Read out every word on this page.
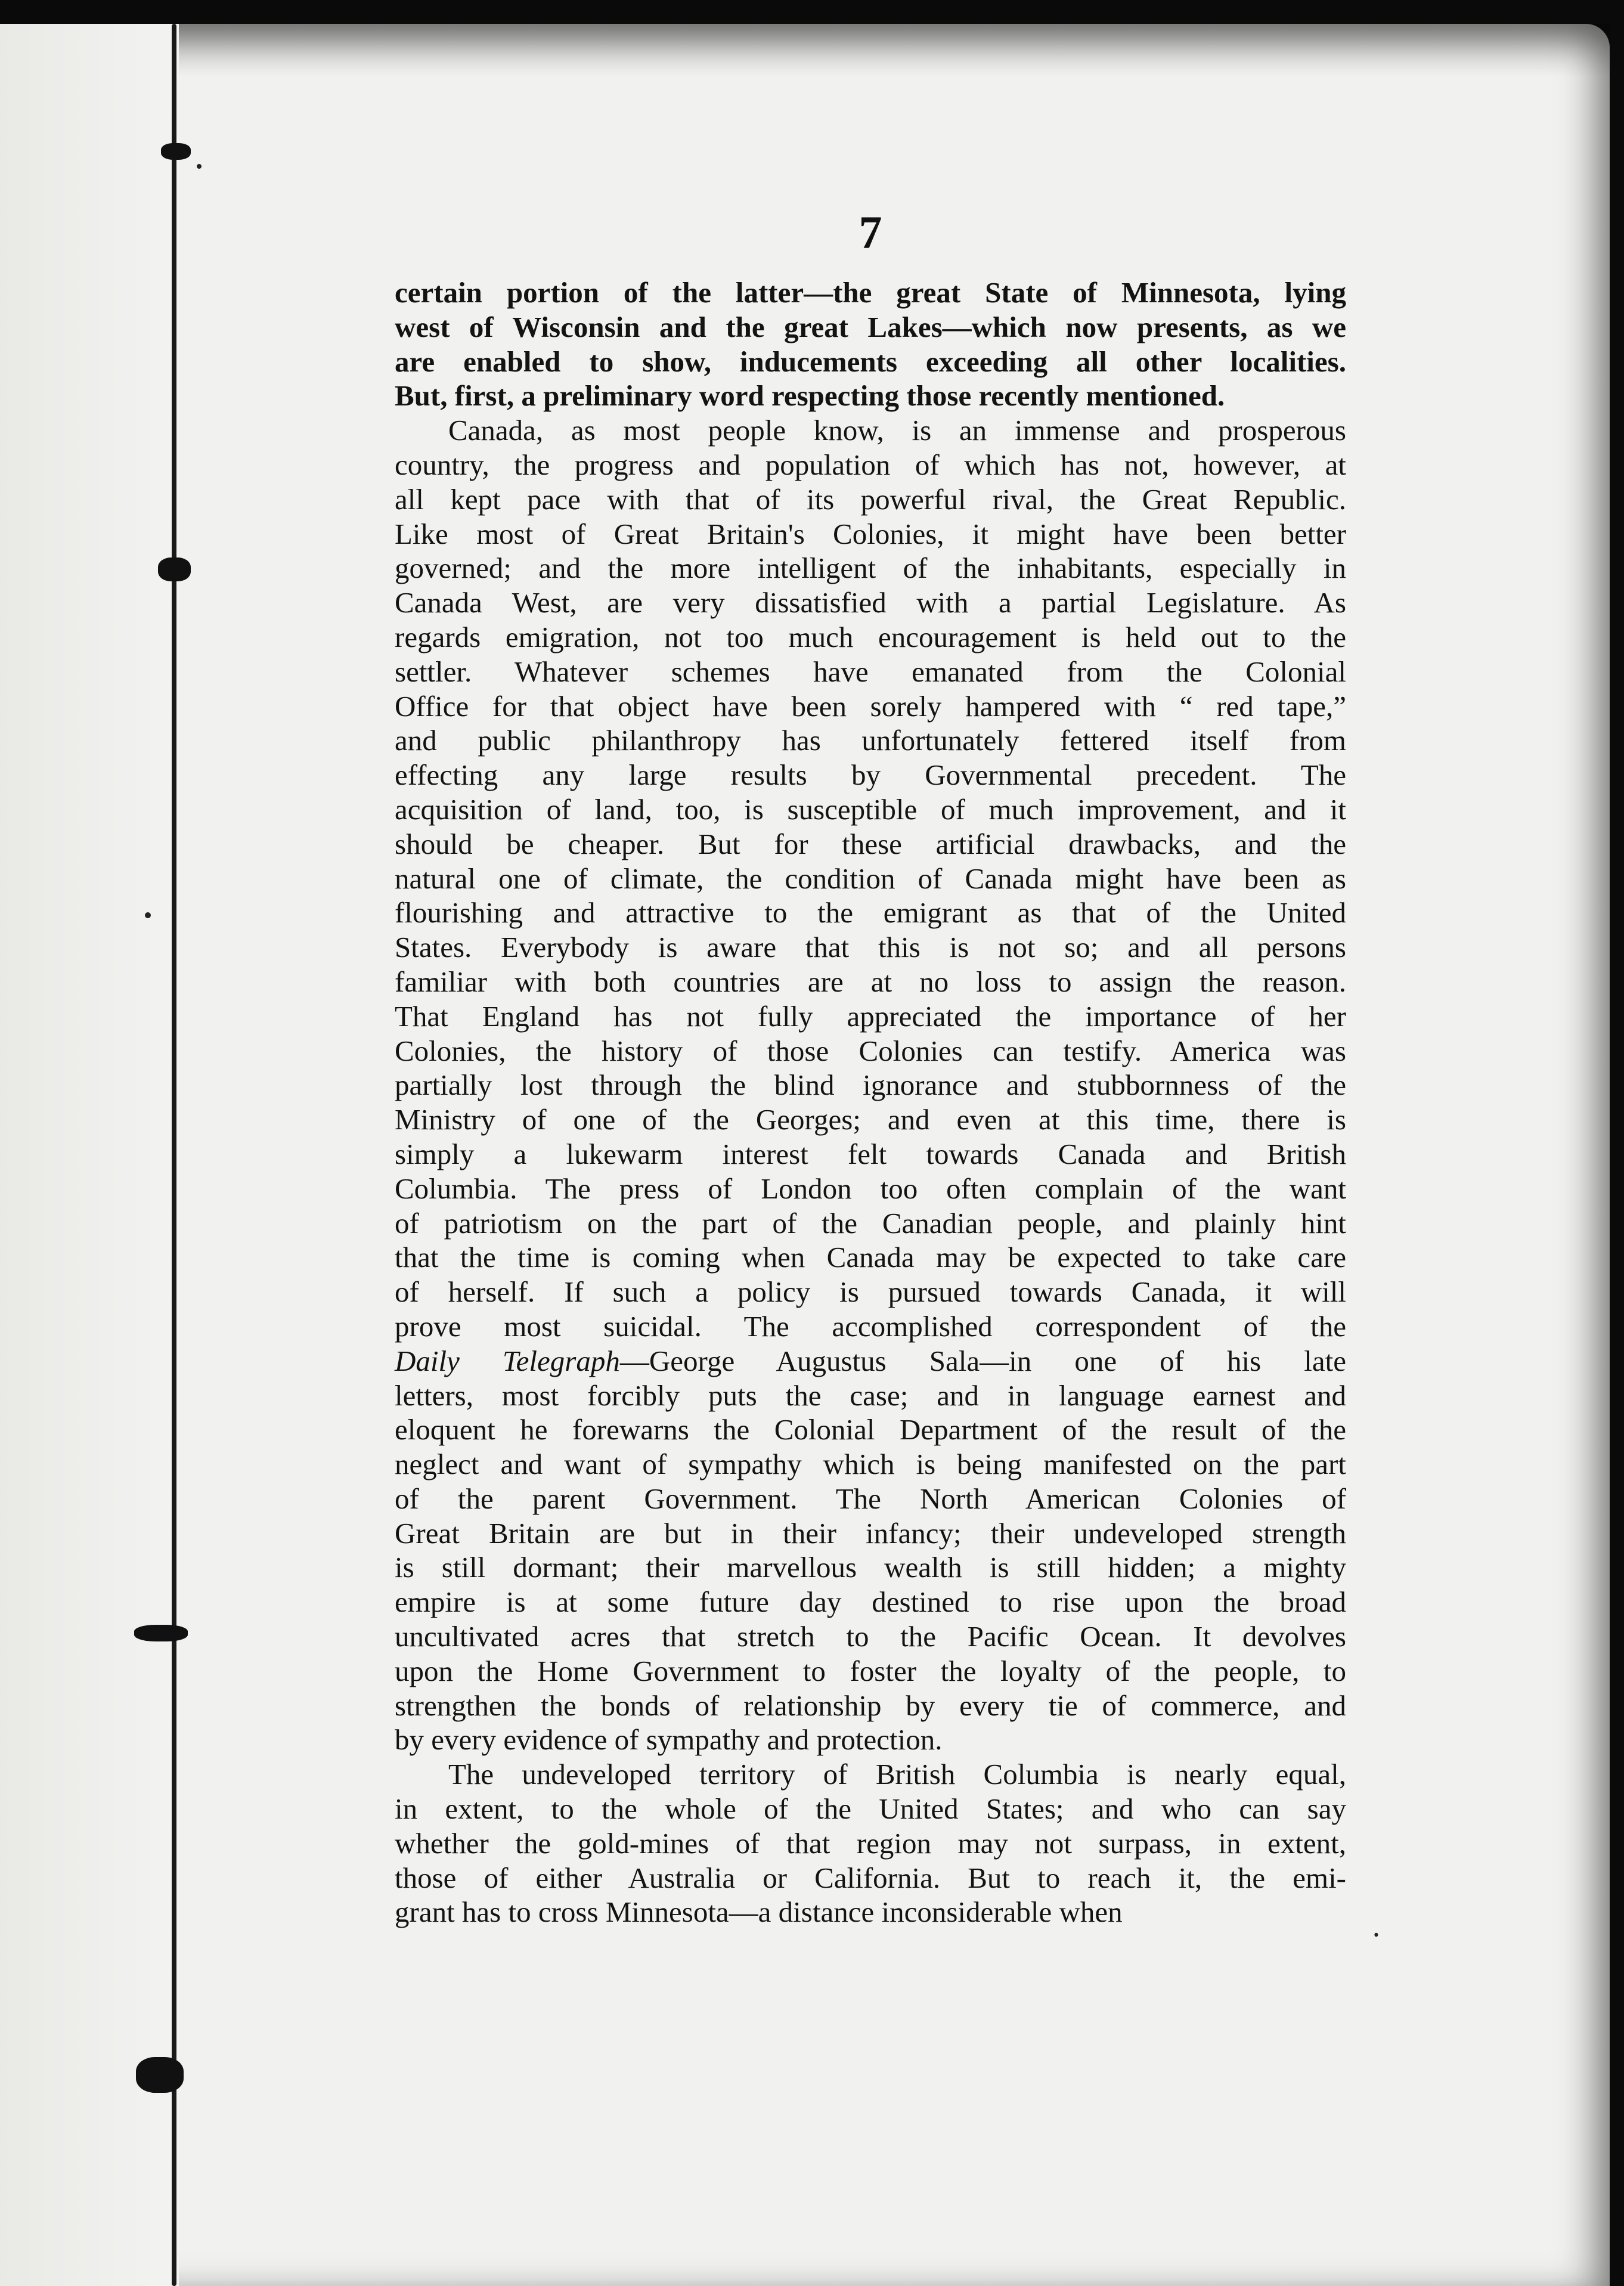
7
certain portion of the latter—the great State of Minnesota, lying
west of Wisconsin and the great Lakes—which now presents, as we
are enabled to show, inducements exceeding all other localities.
But, first, a preliminary word respecting those recently mentioned.
Canada, as most people know, is an immense and prosperous
country, the progress and population of which has not, however, at
all kept pace with that of its powerful rival, the Great Republic.
Like most of Great Britain's Colonies, it might have been better
governed; and the more intelligent of the inhabitants, especially in
Canada West, are very dissatisfied with a partial Legislature. As
regards emigration, not too much encouragement is held out to the
settler. Whatever schemes have emanated from the Colonial
Office for that object have been sorely hampered with “ red tape,”
and public philanthropy has unfortunately fettered itself from
effecting any large results by Governmental precedent. The
acquisition of land, too, is susceptible of much improvement, and it
should be cheaper. But for these artificial drawbacks, and the
natural one of climate, the condition of Canada might have been as
flourishing and attractive to the emigrant as that of the United
States. Everybody is aware that this is not so; and all persons
familiar with both countries are at no loss to assign the reason.
That England has not fully appreciated the importance of her
Colonies, the history of those Colonies can testify. America was
partially lost through the blind ignorance and stubbornness of the
Ministry of one of the Georges; and even at this time, there is
simply a lukewarm interest felt towards Canada and British
Columbia. The press of London too often complain of the want
of patriotism on the part of the Canadian people, and plainly hint
that the time is coming when Canada may be expected to take care
of herself. If such a policy is pursued towards Canada, it will
prove most suicidal. The accomplished correspondent of the
Daily Telegraph—George Augustus Sala—in one of his late
letters, most forcibly puts the case; and in language earnest and
eloquent he forewarns the Colonial Department of the result of the
neglect and want of sympathy which is being manifested on the part
of the parent Government. The North American Colonies of
Great Britain are but in their infancy; their undeveloped strength
is still dormant; their marvellous wealth is still hidden; a mighty
empire is at some future day destined to rise upon the broad
uncultivated acres that stretch to the Pacific Ocean. It devolves
upon the Home Government to foster the loyalty of the people, to
strengthen the bonds of relationship by every tie of commerce, and
by every evidence of sympathy and protection.
The undeveloped territory of British Columbia is nearly equal,
in extent, to the whole of the United States; and who can say
whether the gold-mines of that region may not surpass, in extent,
those of either Australia or California. But to reach it, the emi-
grant has to cross Minnesota—a distance inconsiderable when
⸱
